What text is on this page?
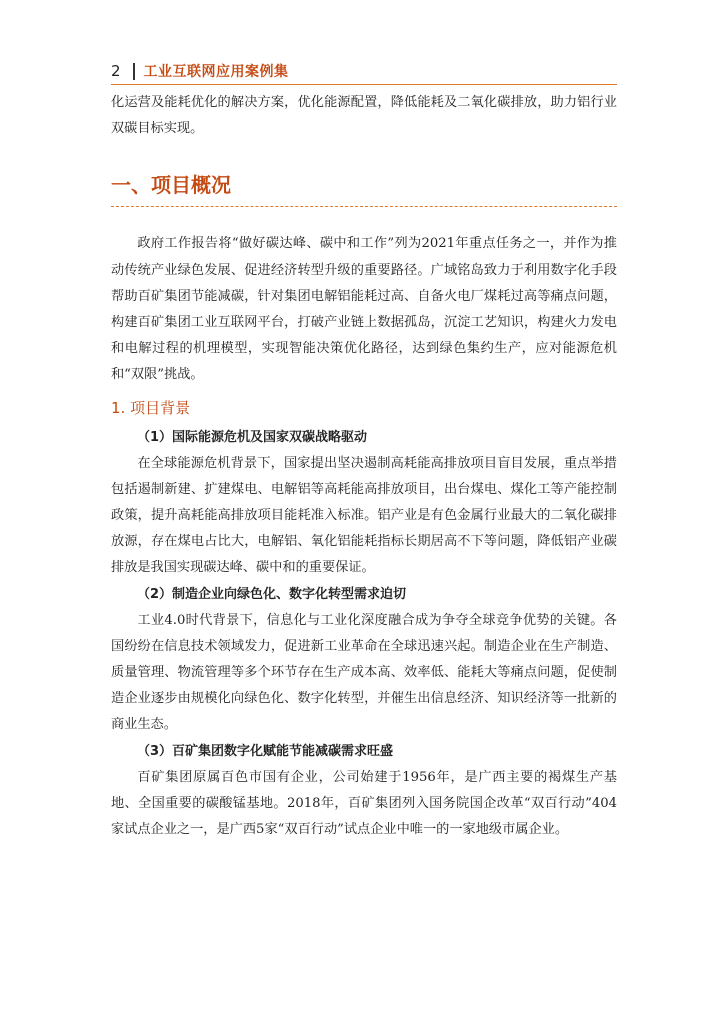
2 工业互联网应用案例集

化运营及能耗优化的解决方案，优化能源配置，降低能耗及二氧化碳排放，助力铝行业双碳目标实现。

一、项目概况

政府工作报告将“做好碳达峰、碳中和工作”列为2021年重点任务之一，并作为推动传统产业绿色发展、促进经济转型升级的重要路径。广域铭岛致力于利用数字化手段帮助百矿集团节能减碳，针对集团电解铝能耗过高、自备火电厂煤耗过高等痛点问题，构建百矿集团工业互联网平台，打破产业链上数据孤岛，沉淀工艺知识，构建火力发电和电解过程的机理模型，实现智能决策优化路径，达到绿色集约生产，应对能源危机和“双限”挑战。

1. 项目背景
（1）国际能源危机及国家双碳战略驱动

在全球能源危机背景下，国家提出坚决遏制高耗能高排放项目盲目发展，重点举措包括遏制新建、扩建煤电、电解铝等高耗能高排放项目，出台煤电、煤化工等产能控制政策，提升高耗能高排放项目能耗准入标准。铝产业是有色金属行业最大的二氧化碳排放源，存在煤电占比大，电解铝、氧化铝能耗指标长期居高不下等问题，降低铝产业碳排放是我国实现碳达峰、碳中和的重要保证。

（2）制造企业向绿色化、数字化转型需求迫切

工业4.0时代背景下，信息化与工业化深度融合成为争夺全球竞争优势的关键。各国纷纷在信息技术领域发力，促进新工业革命在全球迅速兴起。制造企业在生产制造、质量管理、物流管理等多个环节存在生产成本高、效率低、能耗大等痛点问题，促使制造企业逐步由规模化向绿色化、数字化转型，并催生出信息经济、知识经济等一批新的商业生态。

（3）百矿集团数字化赋能节能减碳需求旺盛

百矿集团原属百色市国有企业，公司始建于1956年，是广西主要的褐煤生产基地、全国重要的碳酸锰基地。2018年，百矿集团列入国务院国企改革“双百行动”404家试点企业之一，是广西5家“双百行动”试点企业中唯一的一家地级市属企业。
